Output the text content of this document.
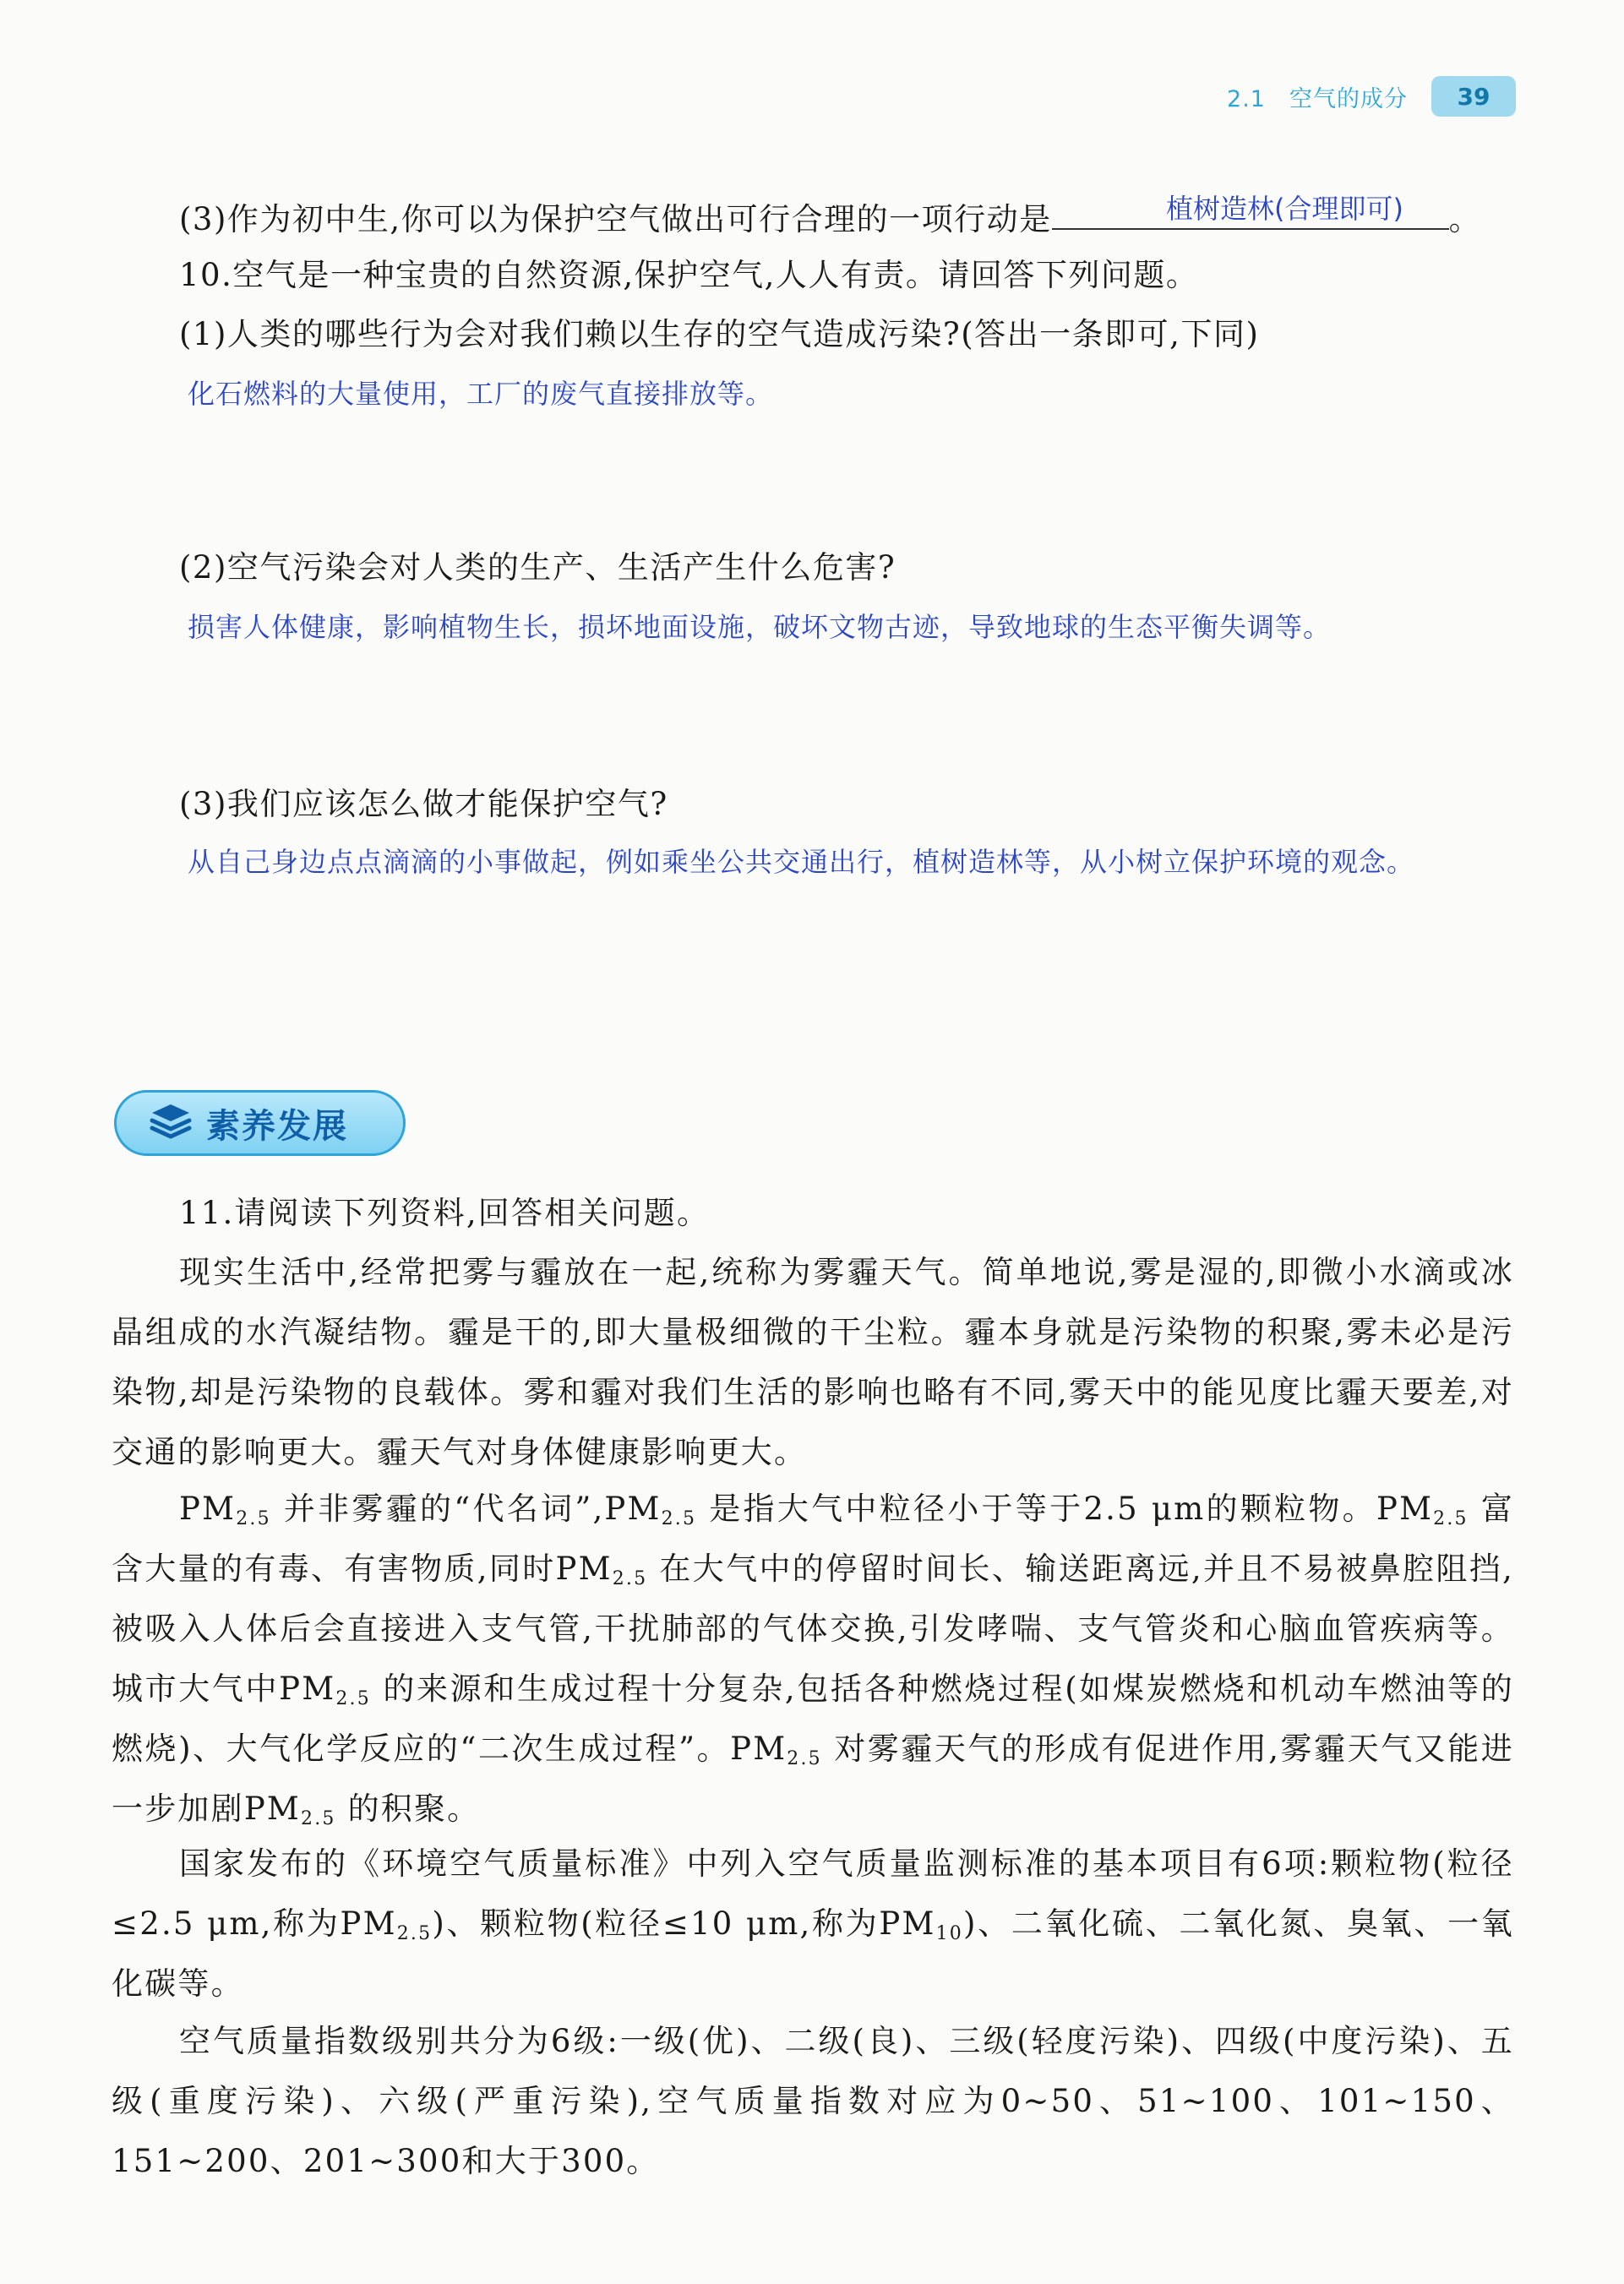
2.1　空气的成分	39
(3)作为初中生,你可以为保护空气做出可行合理的一项行动是	。
植树造林(合理即可)
10.空气是一种宝贵的自然资源,保护空气,人人有责。请回答下列问题。
(1)人类的哪些行为会对我们赖以生存的空气造成污染?(答出一条即可,下同)
化石燃料的大量使用，工厂的废气直接排放等。
(2)空气污染会对人类的生产、生活产生什么危害?
损害人体健康，影响植物生长，损坏地面设施，破坏文物古迹，导致地球的生态平衡失调等。
(3)我们应该怎么做才能保护空气?
从自己身边点点滴滴的小事做起，例如乘坐公共交通出行，植树造林等，从小树立保护环境的观念。
素养发展
11.请阅读下列资料,回答相关问题。
现实生活中,经常把雾与霾放在一起,统称为雾霾天气。简单地说,雾是湿的,即微小水滴或冰晶组成的水汽凝结物。霾是干的,即大量极细微的干尘粒。霾本身就是污染物的积聚,雾未必是污染物,却是污染物的良载体。雾和霾对我们生活的影响也略有不同,雾天中的能见度比霾天要差,对交通的影响更大。霾天气对身体健康影响更大。
$PM_{2.5}$ 并非雾霾的“代名词$”,PM_{2.5}$ 是指大气中粒径小于等于2.5 μm的颗粒物。$PM_{2.5}$ 富含大量的有毒、有害物质,同时$PM_{2.5}$ 在大气中的停留时间长、输送距离远,并且不易被鼻腔阻挡,被吸入人体后会直接进入支气管,干扰肺部的气体交换,引发哮喘、支气管炎和心脑血管疾病等。城市大气中$PM_{2.5}$ 的来源和生成过程十分复杂,包括各种燃烧过程(如煤炭燃烧和机动车燃油等的燃烧)、大气化学反应的“二次生成过程”。$PM_{2.5}$ 对雾霾天气的形成有促进作用,雾霾天气又能进一步加剧$PM_{2.5}$ 的积聚。
国家发布的《环境空气质量标准》中列入空气质量监测标准的基本项目有6项:颗粒物(粒径≤2.5 μm,称为$PM_{2.5}$)、颗粒物(粒径≤10 μm,称为$PM_{10}$)、二氧化硫、二氧化氮、臭氧、一氧化碳等。
空气质量指数级别共分为6级:一级(优)、二级(良)、三级(轻度污染)、四级(中度污染)、五级(重度污染)、六级(严重污染),空气质量指数对应为0~50、51~100、101~150、151~200、201~300和大于300。
